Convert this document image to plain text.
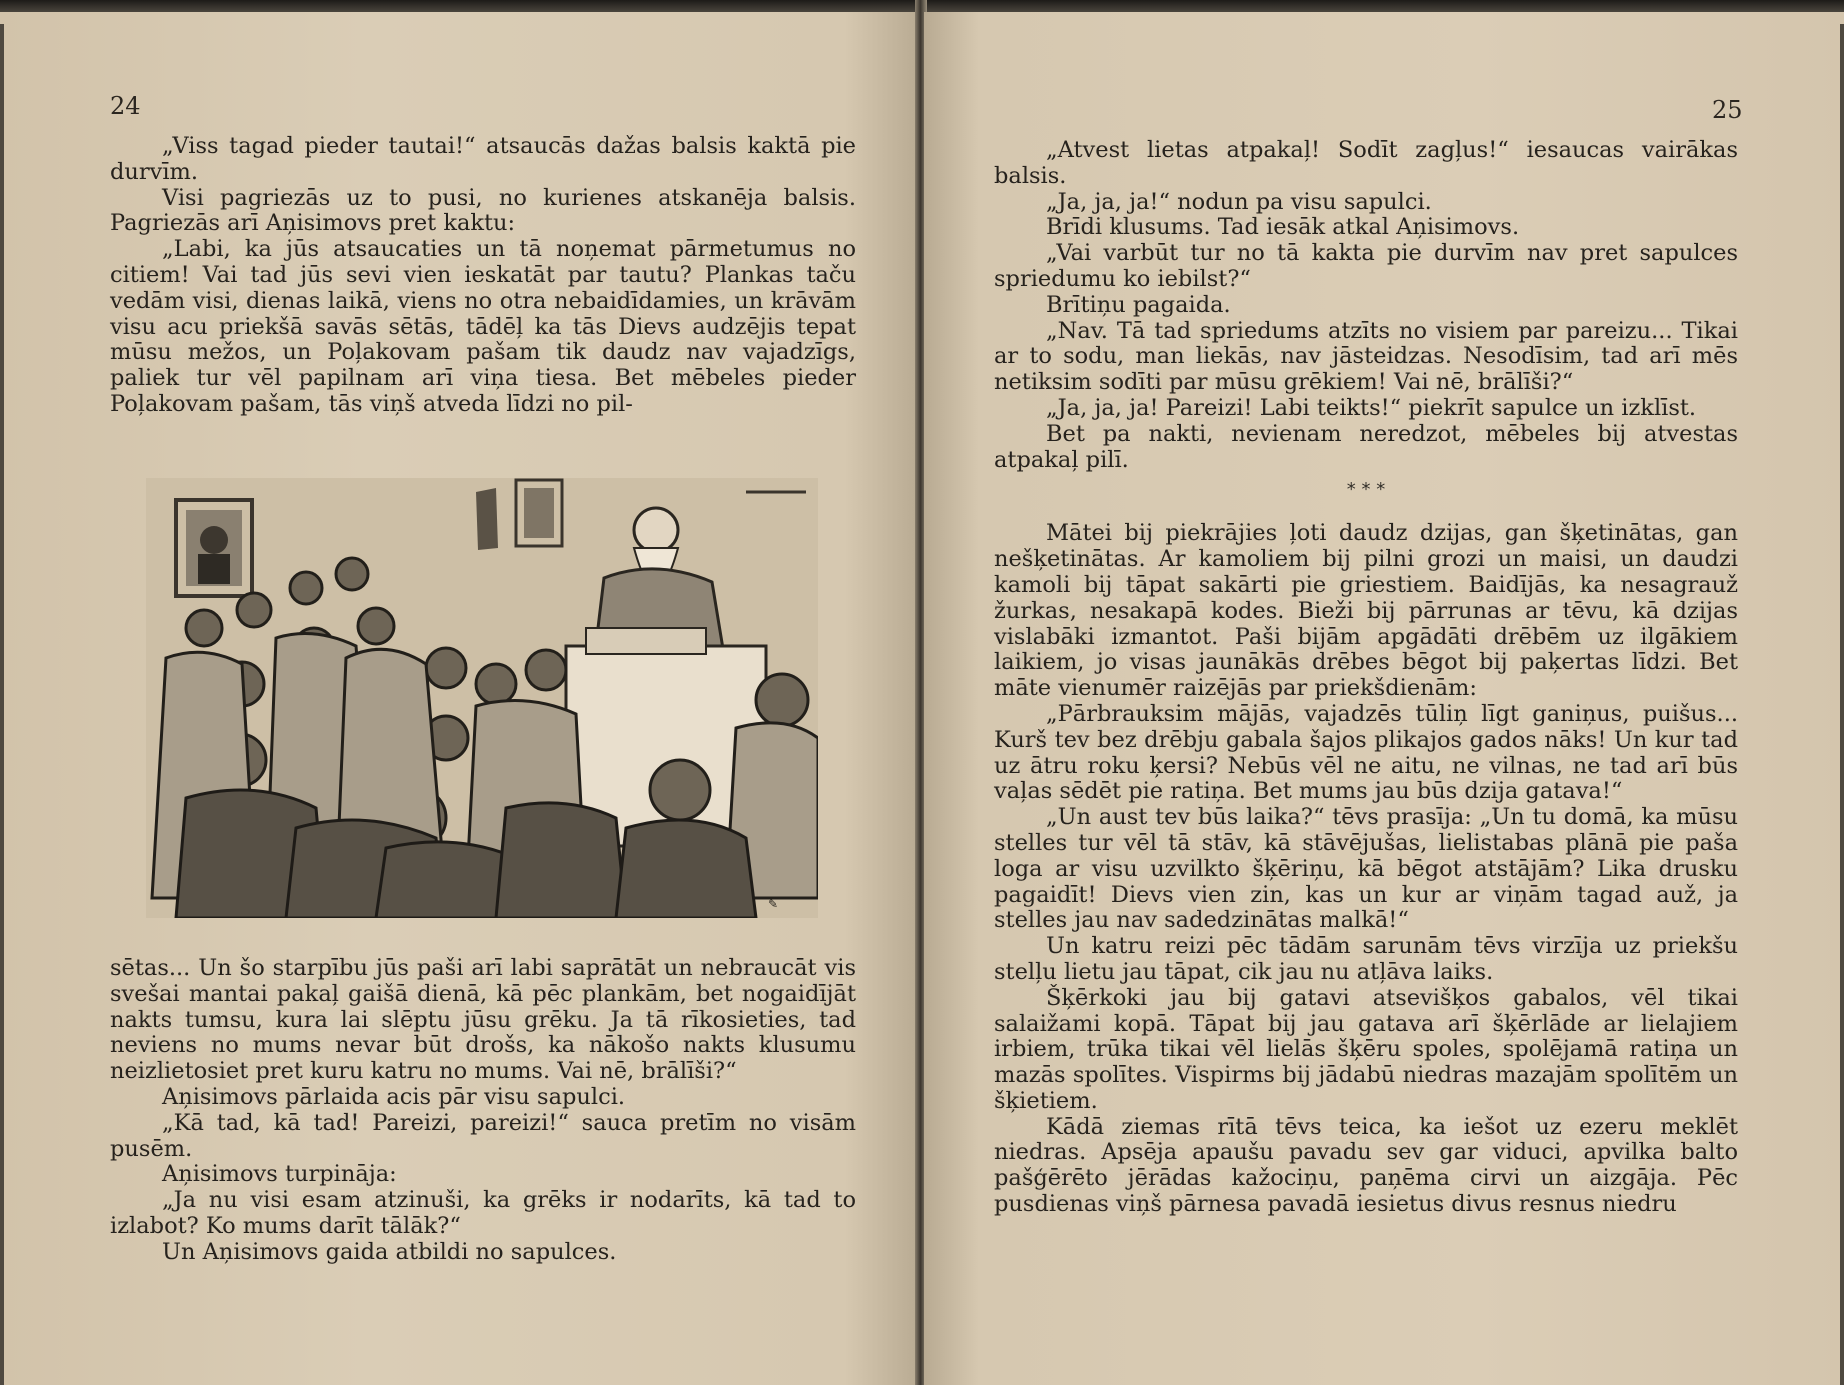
24

„Viss tagad pieder tautai!“ atsaucās dažas balsis kaktā pie durvīm.

Visi pagriezās uz to pusi, no kurienes atskanēja balsis. Pagriezās arī Aņisimovs pret kaktu:

„Labi, ka jūs atsaucaties un tā noņemat pārmetumus no citiem! Vai tad jūs sevi vien ieskatāt par tautu? Plankas taču vedām visi, dienas laikā, viens no otra nebaidīdamies, un krāvām visu acu priekšā savās sētās, tādēļ ka tās Dievs audzējis tepat mūsu mežos, un Poļakovam pašam tik daudz nav vajadzīgs, paliek tur vēl papilnam arī viņa tiesa. Bet mēbeles pieder Poļakovam pašam, tās viņš atveda līdzi no pil-

✎

sētas... Un šo starpību jūs paši arī labi saprātāt un nebraucāt vis svešai mantai pakaļ gaišā dienā, kā pēc plankām, bet nogaidījāt nakts tumsu, kura lai slēptu jūsu grēku. Ja tā rīkosieties, tad neviens no mums nevar būt drošs, ka nākošo nakts klusumu neizlietosiet pret kuru katru no mums. Vai nē, brālīši?“

Aņisimovs pārlaida acis pār visu sapulci.

„Kā tad, kā tad! Pareizi, pareizi!“ sauca pretīm no visām pusēm.

Aņisimovs turpināja:

„Ja nu visi esam atzinuši, ka grēks ir nodarīts, kā tad to izlabot? Ko mums darīt tālāk?“

Un Aņisimovs gaida atbildi no sapulces.

25

„Atvest lietas atpakaļ! Sodīt zagļus!“ iesaucas vairākas balsis.

„Ja, ja, ja!“ nodun pa visu sapulci.

Brīdi klusums. Tad iesāk atkal Aņisimovs.

„Vai varbūt tur no tā kakta pie durvīm nav pret sapulces spriedumu ko iebilst?“

Brītiņu pagaida.

„Nav. Tā tad spriedums atzīts no visiem par pareizu... Tikai ar to sodu, man liekās, nav jāsteidzas. Nesodīsim, tad arī mēs netiksim sodīti par mūsu grēkiem! Vai nē, brālīši?“

„Ja, ja, ja! Pareizi! Labi teikts!“ piekrīt sapulce un izklīst.

Bet pa nakti, nevienam neredzot, mēbeles bij atvestas atpakaļ pilī.

* * *

Mātei bij piekrājies ļoti daudz dzijas, gan šķetinātas, gan nešķetinātas. Ar kamoliem bij pilni grozi un maisi, un daudzi kamoli bij tāpat sakārti pie griestiem. Baidījās, ka nesagrauž žurkas, nesakapā kodes. Bieži bij pārrunas ar tēvu, kā dzijas vislabāki izmantot. Paši bijām apgādāti drēbēm uz ilgākiem laikiem, jo visas jaunākās drēbes bēgot bij paķertas līdzi. Bet māte vienumēr raizējās par priekšdienām:

„Pārbrauksim mājās, vajadzēs tūliņ līgt ganiņus, puišus... Kurš tev bez drēbju gabala šajos plikajos gados nāks! Un kur tad uz ātru roku ķersi? Nebūs vēl ne aitu, ne vilnas, ne tad arī būs vaļas sēdēt pie ratiņa. Bet mums jau būs dzija gatava!“

„Un aust tev būs laika?“ tēvs prasīja: „Un tu domā, ka mūsu stelles tur vēl tā stāv, kā stāvējušas, lielistabas plānā pie paša loga ar visu uzvilkto šķēriņu, kā bēgot atstājām? Lika drusku pagaidīt! Dievs vien zin, kas un kur ar viņām tagad auž, ja stelles jau nav sadedzinātas malkā!“

Un katru reizi pēc tādām sarunām tēvs virzīja uz priekšu stelļu lietu jau tāpat, cik jau nu atļāva laiks.

Šķērkoki jau bij gatavi atsevišķos gabalos, vēl tikai salaižami kopā. Tāpat bij jau gatava arī šķērlāde ar lielajiem irbiem, trūka tikai vēl lielās šķēru spoles, spolējamā ratiņa un mazās spolītes. Vispirms bij jādabū niedras mazajām spolītēm un šķietiem.

Kādā ziemas rītā tēvs teica, ka iešot uz ezeru meklēt niedras. Apsēja apaušu pavadu sev gar viduci, apvilka balto pašģērēto jērādas kažociņu, paņēma cirvi un aizgāja. Pēc pusdienas viņš pārnesa pavadā iesietus divus resnus niedru
